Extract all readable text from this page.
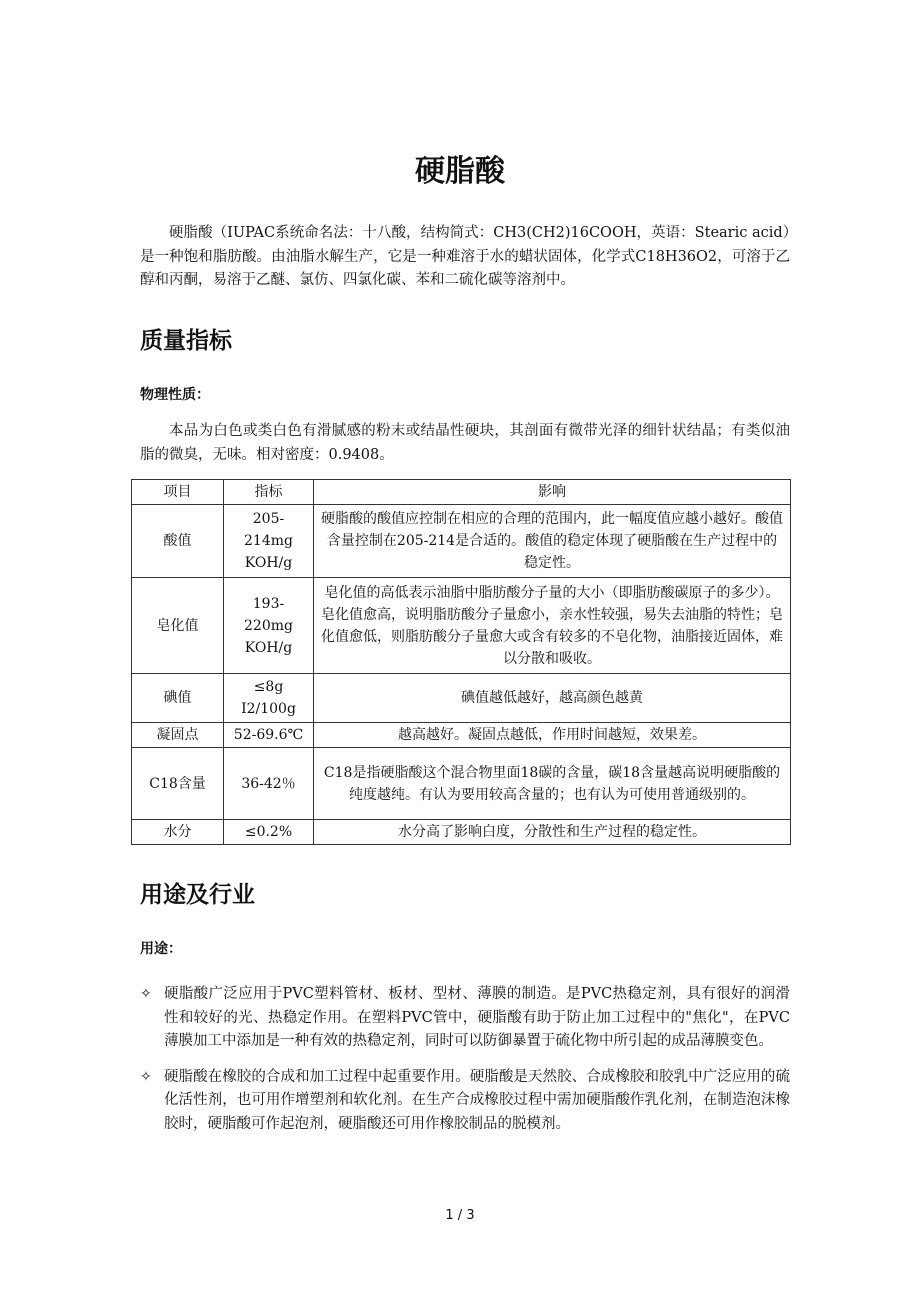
硬脂酸

硬脂酸（IUPAC系统命名法：十八酸，结构简式：CH3(CH2)16COOH，英语：Stearic acid）是一种饱和脂肪酸。由油脂水解生产，它是一种难溶于水的蜡状固体，化学式C18H36O2，可溶于乙醇和丙酮，易溶于乙醚、氯仿、四氯化碳、苯和二硫化碳等溶剂中。

质量指标
物理性质：

本品为白色或类白色有滑腻感的粉末或结晶性硬块，其剖面有微带光泽的细针状结晶；有类似油脂的微臭，无味。相对密度：0.9408。

项目	指标	影响
酸值	205-214mg KOH/g	硬脂酸的酸值应控制在相应的合理的范围内，此一幅度值应越小越好。酸值含量控制在205-214是合适的。酸值的稳定体现了硬脂酸在生产过程中的稳定性。
皂化值	193-220mg KOH/g	皂化值的高低表示油脂中脂肪酸分子量的大小（即脂肪酸碳原子的多少）。皂化值愈高，说明脂肪酸分子量愈小，亲水性较强，易失去油脂的特性；皂化值愈低，则脂肪酸分子量愈大或含有较多的不皂化物，油脂接近固体，难以分散和吸收。
碘值	≤8g I2/100g	碘值越低越好，越高颜色越黄
凝固点	52-69.6℃	越高越好。凝固点越低，作用时间越短，效果差。
C18含量	36-42％	C18是指硬脂酸这个混合物里面18碳的含量，碳18含量越高说明硬脂酸的纯度越纯。有认为要用较高含量的；也有认为可使用普通级别的。
水分	≤0.2%	水分高了影响白度，分散性和生产过程的稳定性。
用途及行业
用途：
✧ 硬脂酸广泛应用于PVC塑料管材、板材、型材、薄膜的制造。是PVC热稳定剂，具有很好的润滑性和较好的光、热稳定作用。在塑料PVC管中，硬脂酸有助于防止加工过程中的"焦化"，在PVC薄膜加工中添加是一种有效的热稳定剂，同时可以防御暴置于硫化物中所引起的成品薄膜变色。
✧ 硬脂酸在橡胶的合成和加工过程中起重要作用。硬脂酸是天然胶、合成橡胶和胶乳中广泛应用的硫化活性剂，也可用作增塑剂和软化剂。在生产合成橡胶过程中需加硬脂酸作乳化剂，在制造泡沫橡胶时，硬脂酸可作起泡剂，硬脂酸还可用作橡胶制品的脱模剂。
1 / 3
